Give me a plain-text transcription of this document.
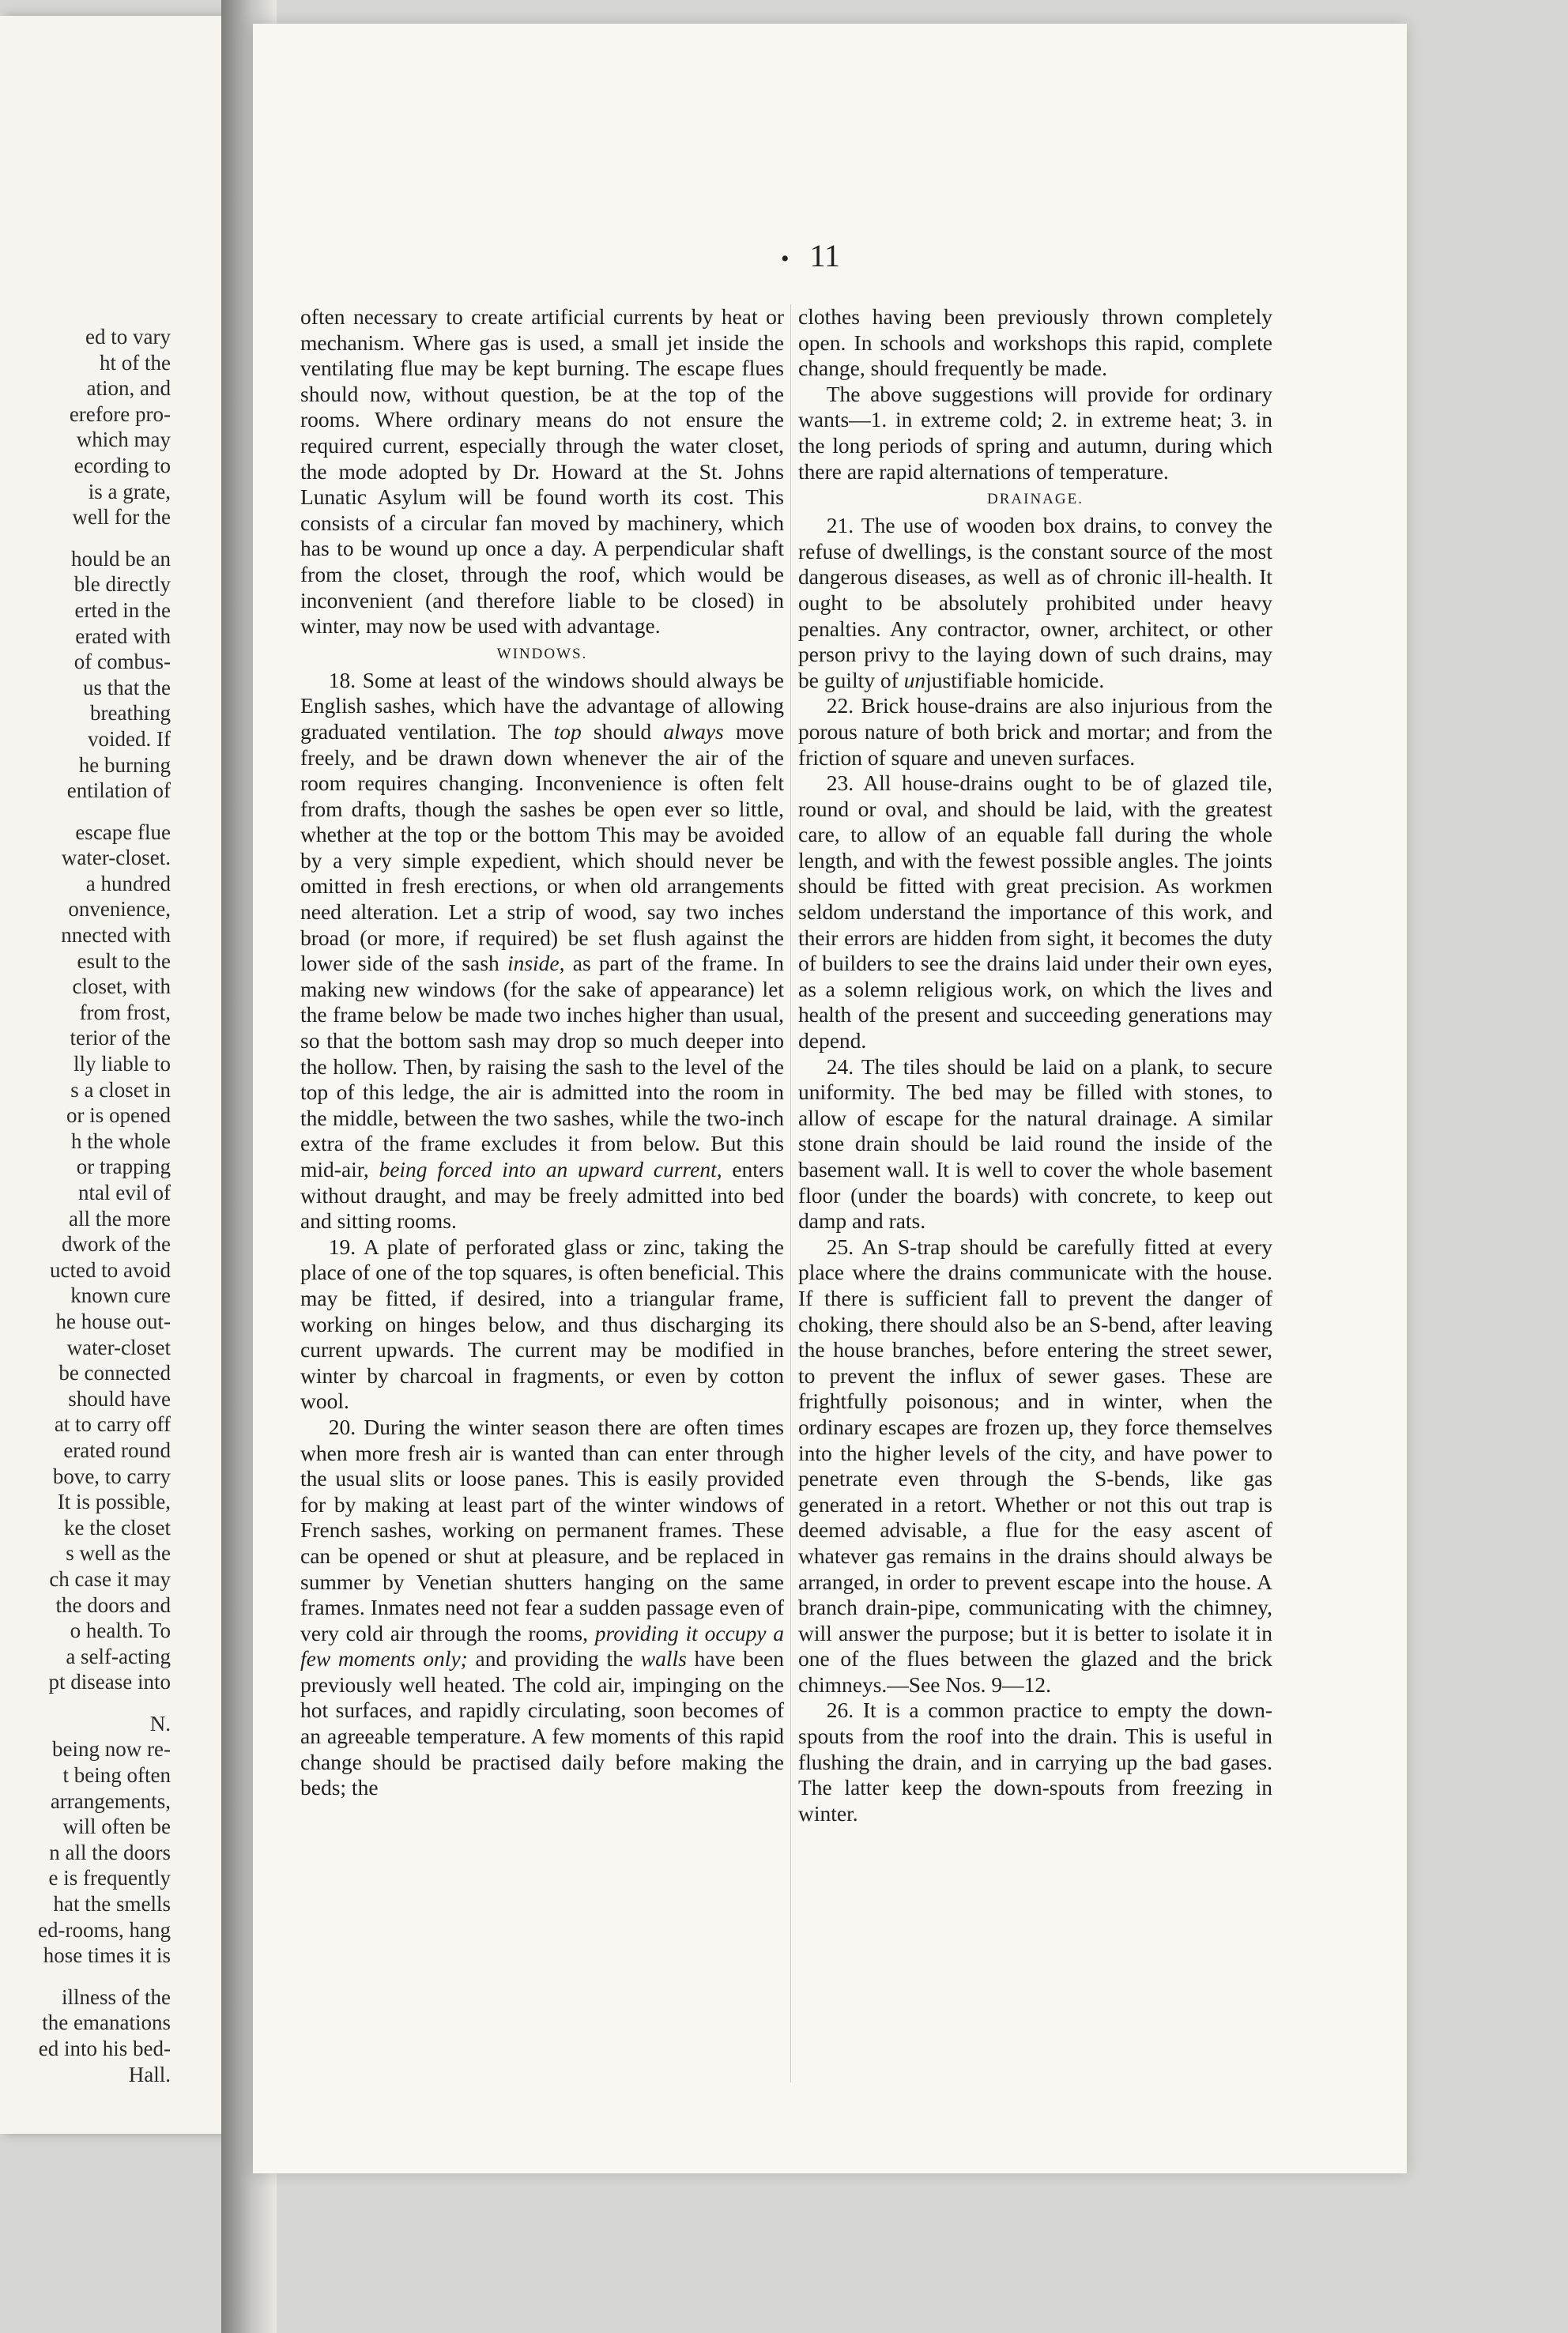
ed to vary
ht of the
ation, and
erefore pro-
which may
ecording to
is a grate,
well for the
hould be an
ble directly
erted in the
erated with
of combus-
us that the
breathing
voided. If
he burning
entilation of
escape flue
water-closet.
a hundred
onvenience,
nnected with
esult to the
closet, with
from frost,
terior of the
lly liable to
s a closet in
or is opened
h the whole
or trapping
ntal evil of
all the more
dwork of the
ucted to avoid
known cure
he house out-
water-closet
be connected
should have
at to carry off
erated round
bove, to carry
It is possible,
ke the closet
s well as the
ch case it may
the doors and
o health. To
a self-acting
pt disease into
N.
being now re-
t being often
arrangements,
will often be
n all the doors
e is frequently
hat the smells
ed-rooms, hang
hose times it is
illness of the
the emanations
ed into his bed-
Hall.
• 11

often necessary to create artificial currents by heat or mechanism. Where gas is used, a small jet inside the ventilating flue may be kept burning. The escape flues should now, without question, be at the top of the rooms. Where ordinary means do not ensure the required current, especially through the water closet, the mode adopted by Dr. Howard at the St. Johns Lunatic Asylum will be found worth its cost. This consists of a circular fan moved by machinery, which has to be wound up once a day. A perpendicular shaft from the closet, through the roof, which would be inconvenient (and therefore liable to be closed) in winter, may now be used with advantage.

WINDOWS.

18. Some at least of the windows should always be English sashes, which have the advantage of allowing graduated ventilation. The top should always move freely, and be drawn down whenever the air of the room requires changing. Inconvenience is often felt from drafts, though the sashes be open ever so little, whether at the top or the bottom This may be avoided by a very simple expedient, which should never be omitted in fresh erections, or when old arrangements need alteration. Let a strip of wood, say two inches broad (or more, if required) be set flush against the lower side of the sash inside, as part of the frame. In making new windows (for the sake of appearance) let the frame below be made two inches higher than usual, so that the bottom sash may drop so much deeper into the hollow. Then, by raising the sash to the level of the top of this ledge, the air is admitted into the room in the middle, between the two sashes, while the two-inch extra of the frame excludes it from below. But this mid-air, being forced into an upward current, enters without draught, and may be freely admitted into bed and sitting rooms.

19. A plate of perforated glass or zinc, taking the place of one of the top squares, is often beneficial. This may be fitted, if desired, into a triangular frame, working on hinges below, and thus discharging its current upwards. The current may be modified in winter by charcoal in fragments, or even by cotton wool.

20. During the winter season there are often times when more fresh air is wanted than can enter through the usual slits or loose panes. This is easily provided for by making at least part of the winter windows of French sashes, working on permanent frames. These can be opened or shut at pleasure, and be replaced in summer by Venetian shutters hanging on the same frames. Inmates need not fear a sudden passage even of very cold air through the rooms, providing it occupy a few moments only; and providing the walls have been previously well heated. The cold air, impinging on the hot surfaces, and rapidly circulating, soon becomes of an agreeable temperature. A few moments of this rapid change should be practised daily before making the beds; the

clothes having been previously thrown completely open. In schools and workshops this rapid, complete change, should frequently be made.

The above suggestions will provide for ordinary wants—1. in extreme cold; 2. in extreme heat; 3. in the long periods of spring and autumn, during which there are rapid alternations of temperature.

DRAINAGE.

21. The use of wooden box drains, to convey the refuse of dwellings, is the constant source of the most dangerous diseases, as well as of chronic ill-health. It ought to be absolutely prohibited under heavy penalties. Any contractor, owner, architect, or other person privy to the laying down of such drains, may be guilty of unjustifiable homicide.

22. Brick house-drains are also injurious from the porous nature of both brick and mortar; and from the friction of square and uneven surfaces.

23. All house-drains ought to be of glazed tile, round or oval, and should be laid, with the greatest care, to allow of an equable fall during the whole length, and with the fewest possible angles. The joints should be fitted with great precision. As workmen seldom understand the importance of this work, and their errors are hidden from sight, it becomes the duty of builders to see the drains laid under their own eyes, as a solemn religious work, on which the lives and health of the present and succeeding generations may depend.

24. The tiles should be laid on a plank, to secure uniformity. The bed may be filled with stones, to allow of escape for the natural drainage. A similar stone drain should be laid round the inside of the basement wall. It is well to cover the whole basement floor (under the boards) with concrete, to keep out damp and rats.

25. An S-trap should be carefully fitted at every place where the drains communicate with the house. If there is sufficient fall to prevent the danger of choking, there should also be an S-bend, after leaving the house branches, before entering the street sewer, to prevent the influx of sewer gases. These are frightfully poisonous; and in winter, when the ordinary escapes are frozen up, they force themselves into the higher levels of the city, and have power to penetrate even through the S-bends, like gas generated in a retort. Whether or not this out trap is deemed advisable, a flue for the easy ascent of whatever gas remains in the drains should always be arranged, in order to prevent escape into the house. A branch drain-pipe, communicating with the chimney, will answer the purpose; but it is better to isolate it in one of the flues between the glazed and the brick chimneys.—See Nos. 9—12.

26. It is a common practice to empty the down-spouts from the roof into the drain. This is useful in flushing the drain, and in carrying up the bad gases. The latter keep the down-spouts from freezing in winter.
